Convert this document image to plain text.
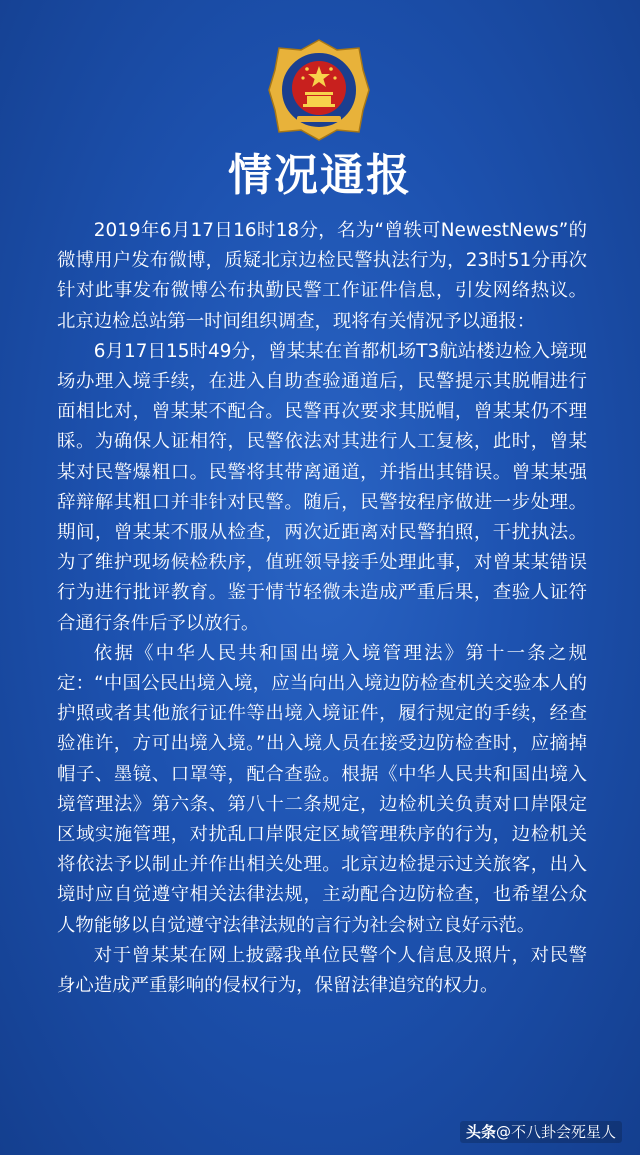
情况通报

2019年6月17日16时18分，名为“曾轶可NewestNews”的微博用户发布微博，质疑北京边检民警执法行为，23时51分再次针对此事发布微博公布执勤民警工作证件信息，引发网络热议。北京边检总站第一时间组织调查，现将有关情况予以通报：

6月17日15时49分，曾某某在首都机场T3航站楼边检入境现场办理入境手续，在进入自助查验通道后，民警提示其脱帽进行面相比对，曾某某不配合。民警再次要求其脱帽，曾某某仍不理睬。为确保人证相符，民警依法对其进行人工复核，此时，曾某某对民警爆粗口。民警将其带离通道，并指出其错误。曾某某强辞辩解其粗口并非针对民警。随后，民警按程序做进一步处理。期间，曾某某不服从检查，两次近距离对民警拍照，干扰执法。为了维护现场候检秩序，值班领导接手处理此事，对曾某某错误行为进行批评教育。鉴于情节轻微未造成严重后果，查验人证符合通行条件后予以放行。

依据《中华人民共和国出境入境管理法》第十一条之规定：“中国公民出境入境，应当向出入境边防检查机关交验本人的护照或者其他旅行证件等出境入境证件，履行规定的手续，经查验准许，方可出境入境。”出入境人员在接受边防检查时，应摘掉帽子、墨镜、口罩等，配合查验。根据《中华人民共和国出境入境管理法》第六条、第八十二条规定，边检机关负责对口岸限定区域实施管理，对扰乱口岸限定区域管理秩序的行为，边检机关将依法予以制止并作出相关处理。北京边检提示过关旅客，出入境时应自觉遵守相关法律法规，主动配合边防检查，也希望公众人物能够以自觉遵守法律法规的言行为社会树立良好示范。

对于曾某某在网上披露我单位民警个人信息及照片，对民警身心造成严重影响的侵权行为，保留法律追究的权力。

头条@不八卦会死星人
